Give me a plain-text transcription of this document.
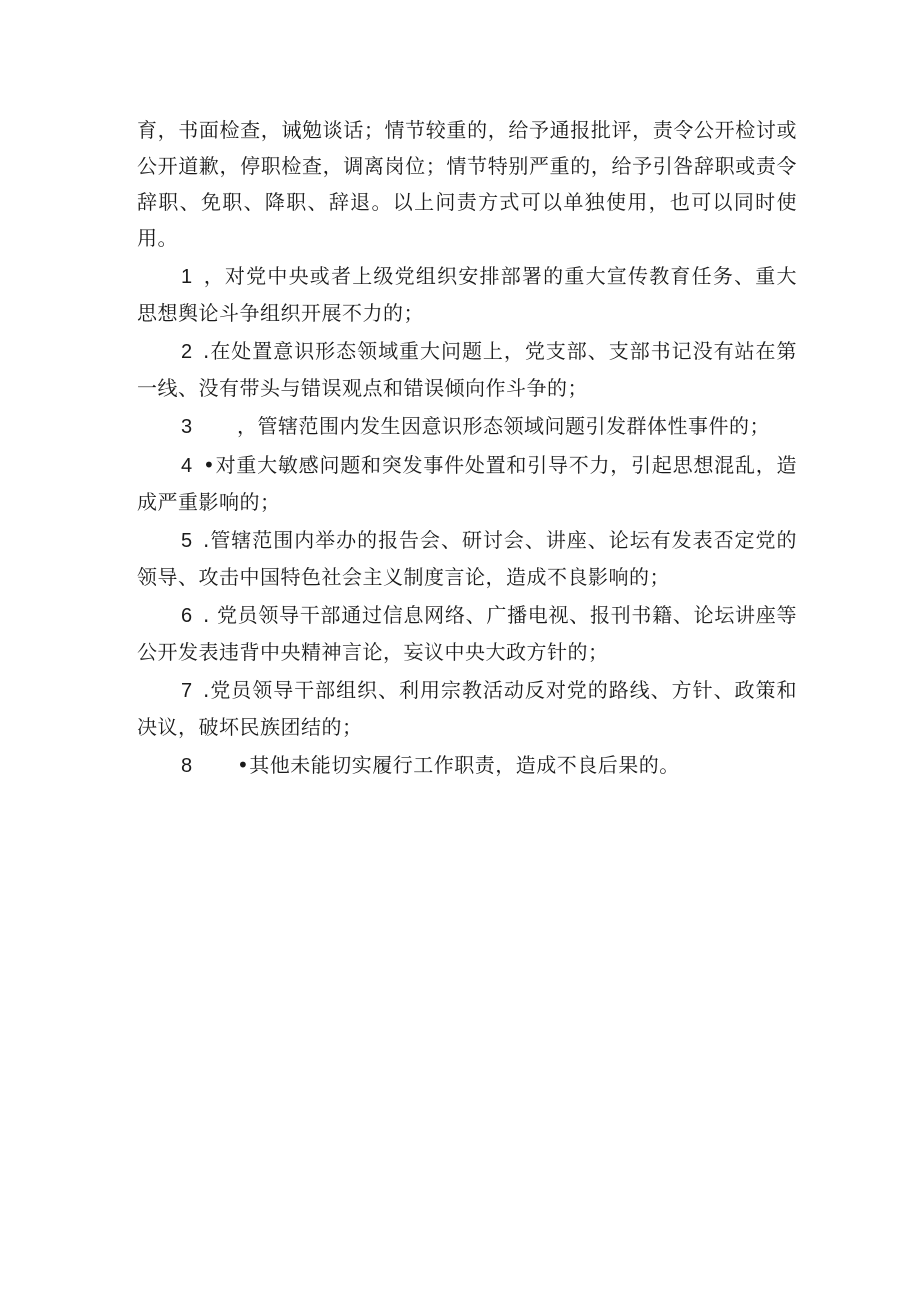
育，书面检查，诫勉谈话；情节较重的，给予通报批评，责令公开检讨或公开道歉，停职检查，调离岗位；情节特别严重的，给予引咎辞职或责令辞职、免职、降职、辞退。以上问责方式可以单独使用，也可以同时使用。

1 ，对党中央或者上级党组织安排部署的重大宣传教育任务、重大思想舆论斗争组织开展不力的；

2 .在处置意识形态领域重大问题上，党支部、支部书记没有站在第一线、没有带头与错误观点和错误倾向作斗争的；

3 ，管辖范围内发生因意识形态领域问题引发群体性事件的；

4 •对重大敏感问题和突发事件处置和引导不力，引起思想混乱，造成严重影响的；

5 .管辖范围内举办的报告会、研讨会、讲座、论坛有发表否定党的领导、攻击中国特色社会主义制度言论，造成不良影响的；

6 . 党员领导干部通过信息网络、广播电视、报刊书籍、论坛讲座等公开发表违背中央精神言论，妄议中央大政方针的；

7 .党员领导干部组织、利用宗教活动反对党的路线、方针、政策和决议，破坏民族团结的；

8 •其他未能切实履行工作职责，造成不良后果的。
